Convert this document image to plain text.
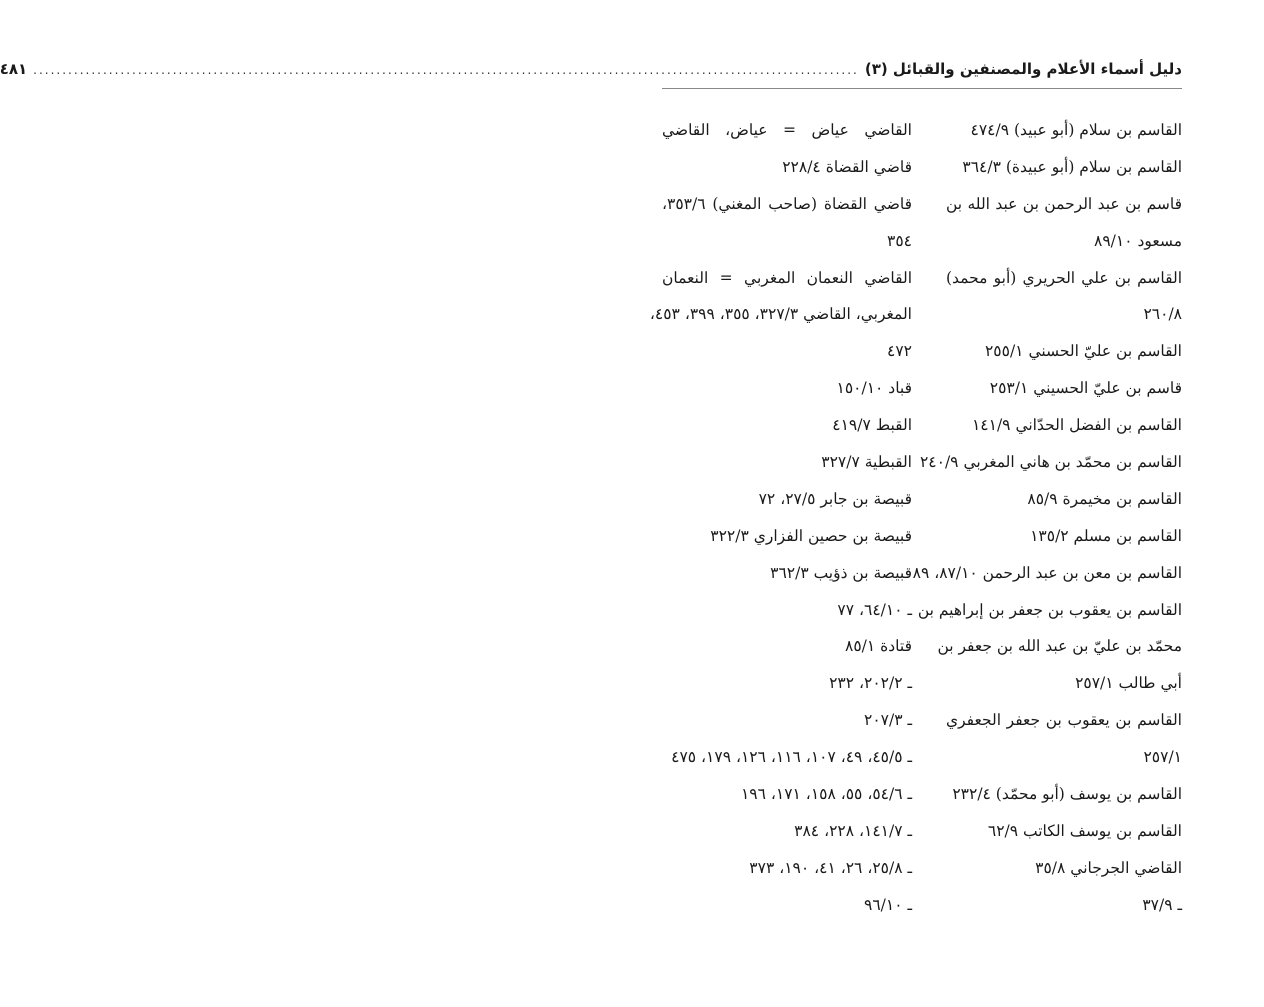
دليل أسماء الأعلام والمصنفين والقبائل (٣)
.....
٤٨١
القاسم بن سلام (أبو عبيد) ٤٧٤/٩
القاسم بن سلام (أبو عبيدة) ٣٦٤/٣
قاسم بن عبد الرحمن بن عبد الله بن
مسعود ٨٩/١٠
القاسم بن علي الحريري (أبو محمد)
٢٦٠/٨
القاسم بن عليّ الحسني ٢٥٥/١
قاسم بن عليّ الحسيني ٢٥٣/١
القاسم بن الفضل الحدّاني ١٤١/٩
القاسم بن محمّد بن هاني المغربي ٢٤٠/٩
القاسم بن مخيمرة ٨٥/٩
القاسم بن مسلم ١٣٥/٢
القاسم بن معن بن عبد الرحمن ٨٧/١٠، ٨٩
القاسم بن يعقوب بن جعفر بن إبراهيم بن
محمّد بن عليّ بن عبد الله بن جعفر بن
أبي طالب ٢٥٧/١
القاسم بن يعقوب بن جعفر الجعفري
٢٥٧/١
القاسم بن يوسف (أبو محمّد) ٢٣٢/٤
القاسم بن يوسف الكاتب ٦٢/٩
القاضي الجرجاني ٣٥/٨
ـ ٣٧/٩
القاضي عياض = عياض، القاضي
قاضي القضاة ٢٢٨/٤
قاضي القضاة (صاحب المغني) ٣٥٣/٦،
٣٥٤
القاضي النعمان المغربي = النعمان
المغربي، القاضي ٣٢٧/٣، ٣٥٥، ٣٩٩، ٤٥٣،
٤٧٢
قباد ١٥٠/١٠
القبط ٤١٩/٧
القبطية ٣٢٧/٧
قبيصة بن جابر ٢٧/٥، ٧٢
قبيصة بن حصين الفزاري ٣٢٢/٣
قبيصة بن ذؤيب ٣٦٢/٣
ـ ٦٤/١٠، ٧٧
قتادة ٨٥/١
ـ ٢٠٢/٢، ٢٣٢
ـ ٢٠٧/٣
ـ ٤٥/٥، ٤٩، ١٠٧، ١١٦، ١٢٦، ١٧٩، ٤٧٥
ـ ٥٤/٦، ٥٥، ١٥٨، ١٧١، ١٩٦
ـ ١٤١/٧، ٢٢٨، ٣٨٤
ـ ٢٥/٨، ٢٦، ٤١، ١٩٠، ٣٧٣
ـ ٩٦/١٠
